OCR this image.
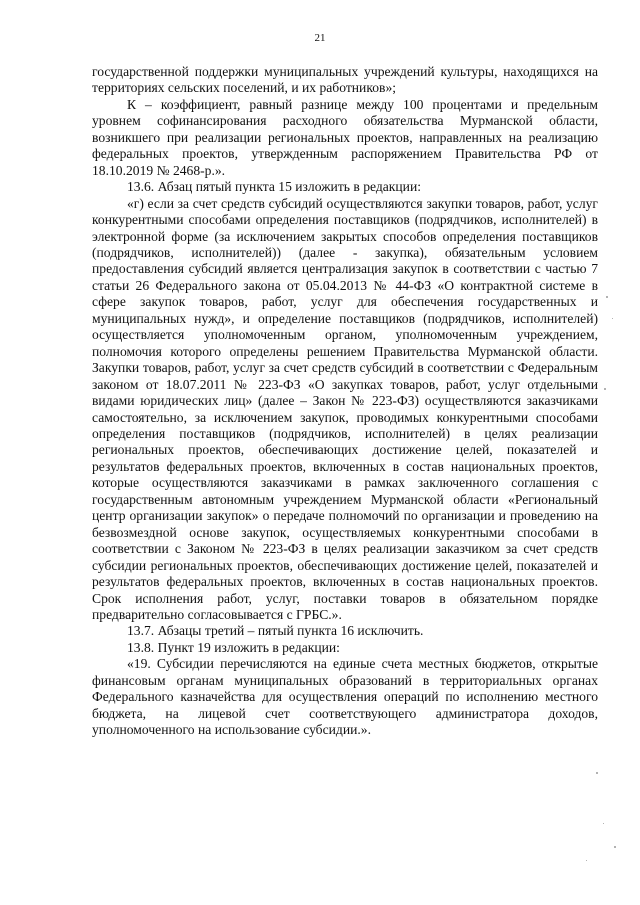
21

государственной поддержки муниципальных учреждений культуры, находящихся на территориях сельских поселений, и их работников»;

К – коэффициент, равный разнице между 100 процентами и предельным уровнем софинансирования расходного обязательства Мурманской области, возникшего при реализации региональных проектов, направленных на реализацию федеральных проектов, утвержденным распоряжением Правительства РФ от 18.10.2019 № 2468-р.».

13.6. Абзац пятый пункта 15 изложить в редакции:

«г) если за счет средств субсидий осуществляются закупки товаров, работ, услуг конкурентными способами определения поставщиков (подрядчиков, исполнителей) в электронной форме (за исключением закрытых способов определения поставщиков (подрядчиков, исполнителей)) (далее - закупка), обязательным условием предоставления субсидий является централизация закупок в соответствии с частью 7 статьи 26 Федерального закона от 05.04.2013 № 44-ФЗ «О контрактной системе в сфере закупок товаров, работ, услуг для обеспечения государственных и муниципальных нужд», и определение поставщиков (подрядчиков, исполнителей) осуществляется уполномоченным органом, уполномоченным учреждением, полномочия которого определены решением Правительства Мурманской области. Закупки товаров, работ, услуг за счет средств субсидий в соответствии с Федеральным законом от 18.07.2011 № 223-ФЗ «О закупках товаров, работ, услуг отдельными видами юридических лиц» (далее – Закон № 223-ФЗ) осуществляются заказчиками самостоятельно, за исключением закупок, проводимых конкурентными способами определения поставщиков (подрядчиков, исполнителей) в целях реализации региональных проектов, обеспечивающих достижение целей, показателей и результатов федеральных проектов, включенных в состав национальных проектов, которые осуществляются заказчиками в рамках заключенного соглашения с государственным автономным учреждением Мурманской области «Региональный центр организации закупок» о передаче полномочий по организации и проведению на безвозмездной основе закупок, осуществляемых конкурентными способами в соответствии с Законом № 223-ФЗ в целях реализации заказчиком за счет средств субсидии региональных проектов, обеспечивающих достижение целей, показателей и результатов федеральных проектов, включенных в состав национальных проектов. Срок исполнения работ, услуг, поставки товаров в обязательном порядке предварительно согласовывается с ГРБС.».

13.7. Абзацы третий – пятый пункта 16 исключить.

13.8. Пункт 19 изложить в редакции:

«19. Субсидии перечисляются на единые счета местных бюджетов, открытые финансовым органам муниципальных образований в территориальных органах Федерального казначейства для осуществления операций по исполнению местного бюджета, на лицевой счет соответствующего администратора доходов, уполномоченного на использование субсидии.».
